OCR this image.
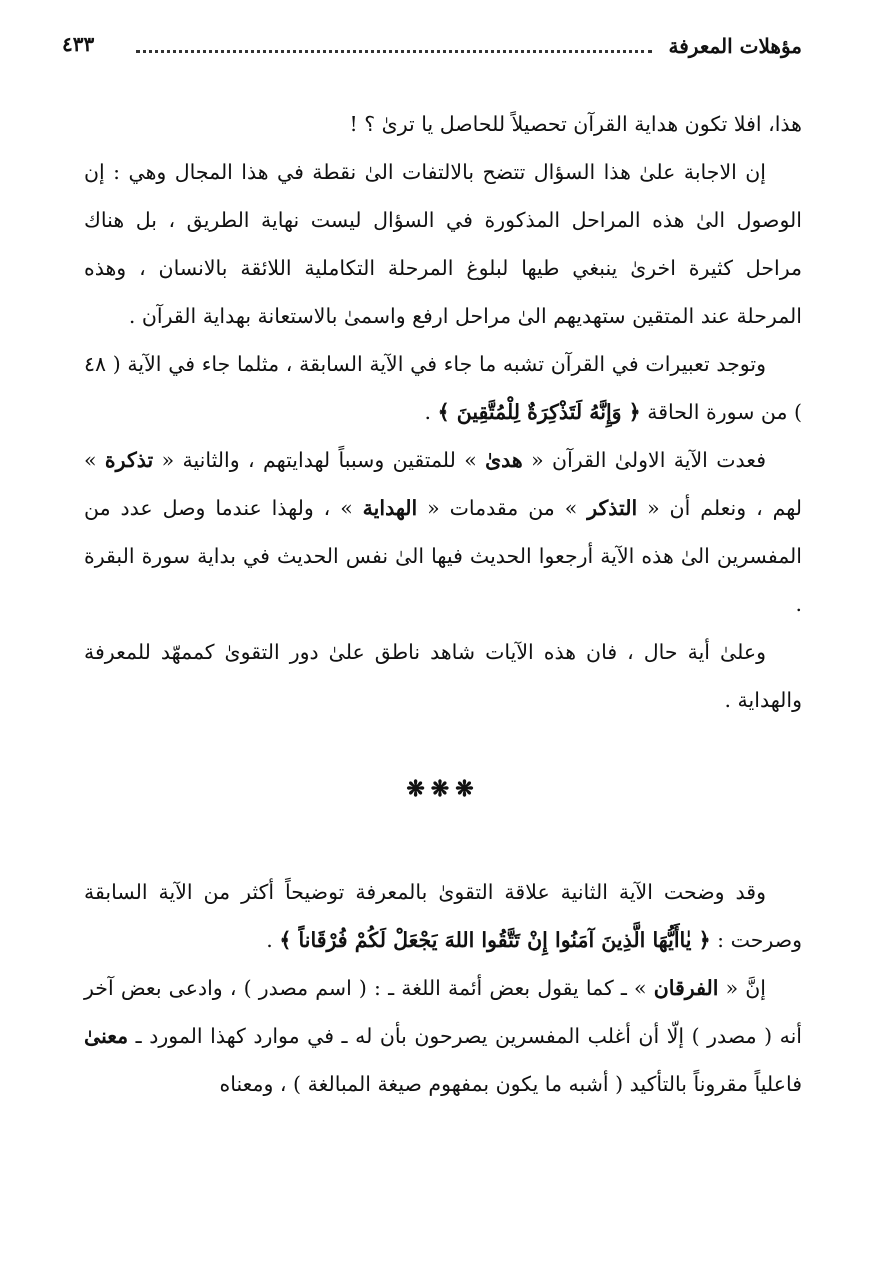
مؤهلات المعرفة
٤٣٣

هذا، افلا تكون هداية القرآن تحصيلاً للحاصل يا ترىٰ ؟ !

إن الاجابة علىٰ هذا السؤال تتضح بالالتفات الىٰ نقطة في هذا المجال وهي : إن الوصول الىٰ هذه المراحل المذكورة في السؤال ليست نهاية الطريق ، بل هناك مراحل كثيرة اخرىٰ ينبغي طيها لبلوغ المرحلة التكاملية اللائقة بالانسان ، وهذه المرحلة عند المتقين ستهديهم الىٰ مراحل ارفع واسمىٰ بالاستعانة بهداية القرآن .

وتوجد تعبيرات في القرآن تشبه ما جاء في الآية السابقة ، مثلما جاء في الآية ( ٤٨ ) من سورة الحاقة ﴿ وَإِنَّهُ لَتَذْكِرَةٌ لِلْمُتَّقِينَ ﴾ .

فعدت الآية الاولىٰ القرآن « هدىٰ » للمتقين وسبباً لهدايتهم ، والثانية « تذكرة » لهم ، ونعلم أن « التذكر » من مقدمات « الهداية » ، ولهذا عندما وصل عدد من المفسرين الىٰ هذه الآية أرجعوا الحديث فيها الىٰ نفس الحديث في بداية سورة البقرة .

وعلىٰ أية حال ، فان هذه الآيات شاهد ناطق علىٰ دور التقوىٰ كممهّد للمعرفة والهداية .

❋❋❋

وقد وضحت الآية الثانية علاقة التقوىٰ بالمعرفة توضيحاً أكثر من الآية السابقة وصرحت : ﴿ يٰاأَيُّهَا الَّذِينَ آمَنُوا إِنْ تَتَّقُوا اللهَ يَجْعَلْ لَكُمْ فُرْقَاناً ﴾ .

إنَّ « الفرقان » ـ كما يقول بعض أئمة اللغة ـ : ( اسم مصدر ) ، وادعى بعض آخر أنه ( مصدر ) إلّا أن أغلب المفسرين يصرحون بأن له ـ في موارد كهذا المورد ـ معنىٰ فاعلياً مقروناً بالتأكيد ( أشبه ما يكون بمفهوم صيغة المبالغة ) ، ومعناه
